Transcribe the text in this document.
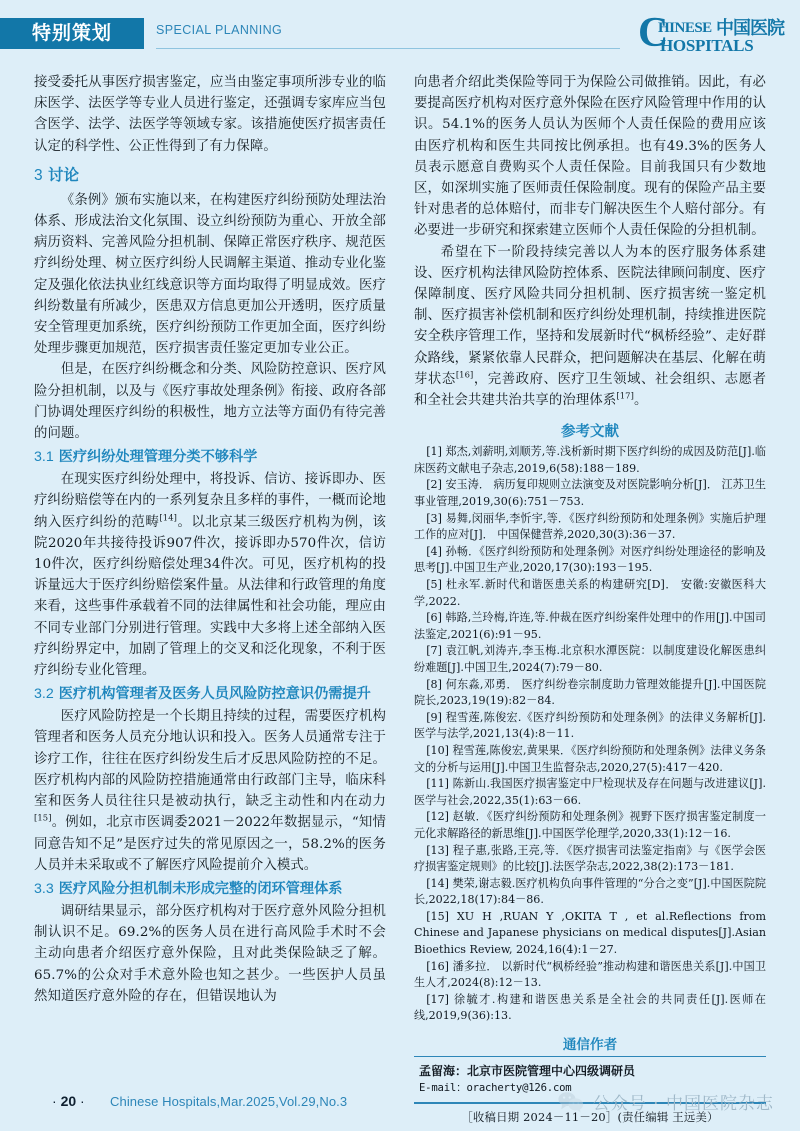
特别策划	SPECIAL PLANNING	C
HINESE 中国医院
HOSPITALS

接受委托从事医疗损害鉴定，应当由鉴定事项所涉专业的临床医学、法医学等专业人员进行鉴定，还强调专家库应当包含医学、法学、法医学等领域专家。该措施使医疗损害责任认定的科学性、公正性得到了有力保障。

3 讨论

《条例》颁布实施以来，在构建医疗纠纷预防处理法治体系、形成法治文化氛围、设立纠纷预防为重心、开放全部病历资料、完善风险分担机制、保障正常医疗秩序、规范医疗纠纷处理、树立医疗纠纷人民调解主渠道、推动专业化鉴定及强化依法执业红线意识等方面均取得了明显成效。医疗纠纷数量有所减少，医患双方信息更加公开透明，医疗质量安全管理更加系统，医疗纠纷预防工作更加全面，医疗纠纷处理步骤更加规范，医疗损害责任鉴定更加专业公正。

但是，在医疗纠纷概念和分类、风险防控意识、医疗风险分担机制，以及与《医疗事故处理条例》衔接、政府各部门协调处理医疗纠纷的积极性，地方立法等方面仍有待完善的问题。

3.1 医疗纠纷处理管理分类不够科学

在现实医疗纠纷处理中，将投诉、信访、接诉即办、医疗纠纷赔偿等在内的一系列复杂且多样的事件，一概而论地纳入医疗纠纷的范畴[14]。以北京某三级医疗机构为例，该院2020年共接待投诉907件次，接诉即办570件次，信访10件次，医疗纠纷赔偿处理34件次。可见，医疗机构的投诉量远大于医疗纠纷赔偿案件量。从法律和行政管理的角度来看，这些事件承载着不同的法律属性和社会功能，理应由不同专业部门分别进行管理。实践中大多将上述全部纳入医疗纠纷界定中，加剧了管理上的交叉和泛化现象，不利于医疗纠纷专业化管理。

3.2 医疗机构管理者及医务人员风险防控意识仍需提升

医疗风险防控是一个长期且持续的过程，需要医疗机构管理者和医务人员充分地认识和投入。医务人员通常专注于诊疗工作，往往在医疗纠纷发生后才反思风险防控的不足。医疗机构内部的风险防控措施通常由行政部门主导，临床科室和医务人员往往只是被动执行，缺乏主动性和内在动力[15]。例如，北京市医调委2021－2022年数据显示，“知情同意告知不足”是医疗过失的常见原因之一，58.2%的医务人员并未采取或不了解医疗风险提前介入模式。

3.3 医疗风险分担机制未形成完整的闭环管理体系

调研结果显示，部分医疗机构对于医疗意外风险分担机制认识不足。69.2%的医务人员在进行高风险手术时不会主动向患者介绍医疗意外保险，且对此类保险缺乏了解。65.7%的公众对手术意外险也知之甚少。一些医护人员虽然知道医疗意外险的存在，但错误地认为

向患者介绍此类保险等同于为保险公司做推销。因此，有必要提高医疗机构对医疗意外保险在医疗风险管理中作用的认识。54.1%的医务人员认为医师个人责任保险的费用应该由医疗机构和医生共同按比例承担。也有49.3%的医务人员表示愿意自费购买个人责任保险。目前我国只有少数地区，如深圳实施了医师责任保险制度。现有的保险产品主要针对患者的总体赔付，而非专门解决医生个人赔付部分。有必要进一步研究和探索建立医师个人责任保险的分担机制。

希望在下一阶段持续完善以人为本的医疗服务体系建设、医疗机构法律风险防控体系、医院法律顾问制度、医疗保障制度、医疗风险共同分担机制、医疗损害统一鉴定机制、医疗损害补偿机制和医疗纠纷处理机制，持续推进医院安全秩序管理工作，坚持和发展新时代“枫桥经验”、走好群众路线，紧紧依靠人民群众，把问题解决在基层、化解在萌芽状态[16]，完善政府、医疗卫生领域、社会组织、志愿者和全社会共建共治共享的治理体系[17]。

参考文献

[1] 郑杰,刘薪明,刘顺芳,等.浅析新时期下医疗纠纷的成因及防范[J].临床医药文献电子杂志,2019,6(58):188－189.

[2] 安玉涛． 病历复印规则立法演变及对医院影响分析[J]． 江苏卫生事业管理,2019,30(6):751－753.

[3] 易舞,闵丽华,李忻宇,等．《医疗纠纷预防和处理条例》实施后护理工作的应对[J]． 中国保健营养,2020,30(3):36－37.

[4] 孙畅．《医疗纠纷预防和处理条例》对医疗纠纷处理途径的影响及思考[J].中国卫生产业,2020,17(30):193－195.

[5] 杜永军.新时代和谐医患关系的构建研究[D]． 安徽:安徽医科大学,2022.

[6] 韩路,兰玲梅,许连,等.仲裁在医疗纠纷案件处理中的作用[J].中国司法鉴定,2021(6):91－95.

[7] 袁江帆,刘涛卉,李玉梅.北京积水潭医院：以制度建设化解医患纠纷难题[J].中国卫生,2024(7):79－80.

[8] 何东淼,邓勇． 医疗纠纷卷宗制度助力管理效能提升[J].中国医院院长,2023,19(19):82－84.

[9] 程雪莲,陈俊宏.《医疗纠纷预防和处理条例》的法律义务解析[J].医学与法学,2021,13(4):8－11.

[10] 程雪莲,陈俊宏,黄果果．《医疗纠纷预防和处理条例》法律义务条文的分析与运用[J].中国卫生监督杂志,2020,27(5):417－420.

[11] 陈新山.我国医疗损害鉴定中尸检现状及存在问题与改进建议[J].医学与社会,2022,35(1):63－66.

[12] 赵敏．《医疗纠纷预防和处理条例》视野下医疗损害鉴定制度一元化求解路径的新思维[J].中国医学伦理学,2020,33(1):12－16.

[13] 程子惠,张路,王亮,等．《医疗损害司法鉴定指南》与《医学会医疗损害鉴定规则》的比较[J].法医学杂志,2022,38(2):173－181.

[14] 樊荣,谢志毅.医疗机构负向事件管理的“分合之变”[J].中国医院院长,2022,18(17):84－86.

[15] XU H ,RUAN Y ,OKITA T , et al.Reflections from Chinese and Japanese physicians on medical disputes[J].Asian Bioethics Review, 2024,16(4):1－27.

[16] 潘多拉． 以新时代“枫桥经验”推动构建和谐医患关系[J].中国卫生人才,2024(8):12－13.

[17] 徐毓才.构建和谐医患关系是全社会的共同责任[J].医师在线,2019,9(36):13.

通信作者
孟留海：北京市医院管理中心四级调研员
E-mail：oracherty@126.com
［收稿日期 2024－11－20］(责任编辑 王远美）
· 20 · Chinese Hospitals,Mar.2025,Vol.29,No.3	公众号 · 中国医院杂志
